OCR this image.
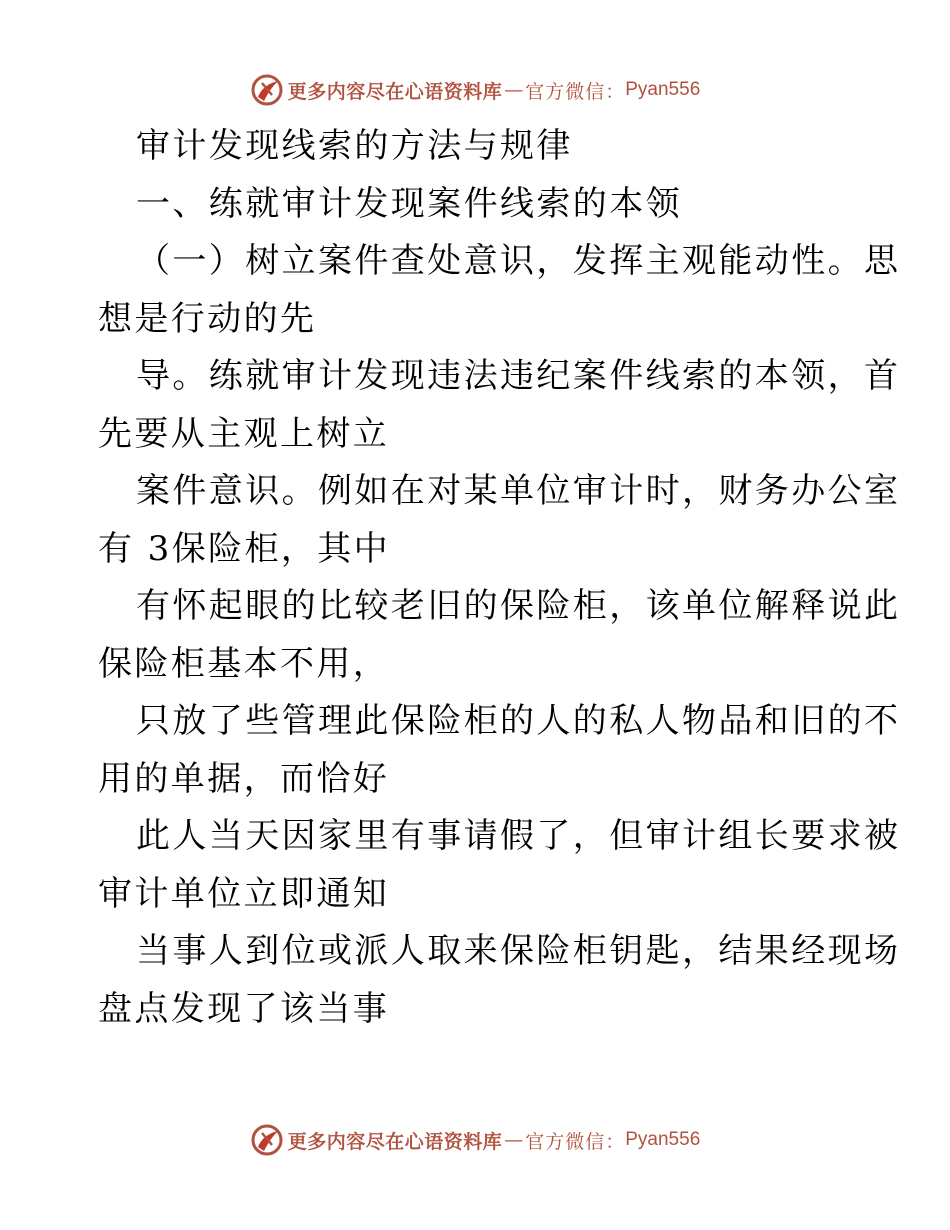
更多内容尽在心语资料库 — 官方微信： Pyan556
审计发现线索的方法与规律
一、练就审计发现案件线索的本领
（一）树立案件查处意识，发挥主观能动性。思
想是行动的先
导。练就审计发现违法违纪案件线索的本领，首
先要从主观上树立
案件意识。例如在对某单位审计时，财务办公室
有 3保险柜，其中
有怀起眼的比较老旧的保险柜，该单位解释说此
保险柜基本不用，
只放了些管理此保险柜的人的私人物品和旧的不
用的单据，而恰好
此人当天因家里有事请假了，但审计组长要求被
审计单位立即通知
当事人到位或派人取来保险柜钥匙，结果经现场
盘点发现了该当事
更多内容尽在心语资料库 — 官方微信： Pyan556
